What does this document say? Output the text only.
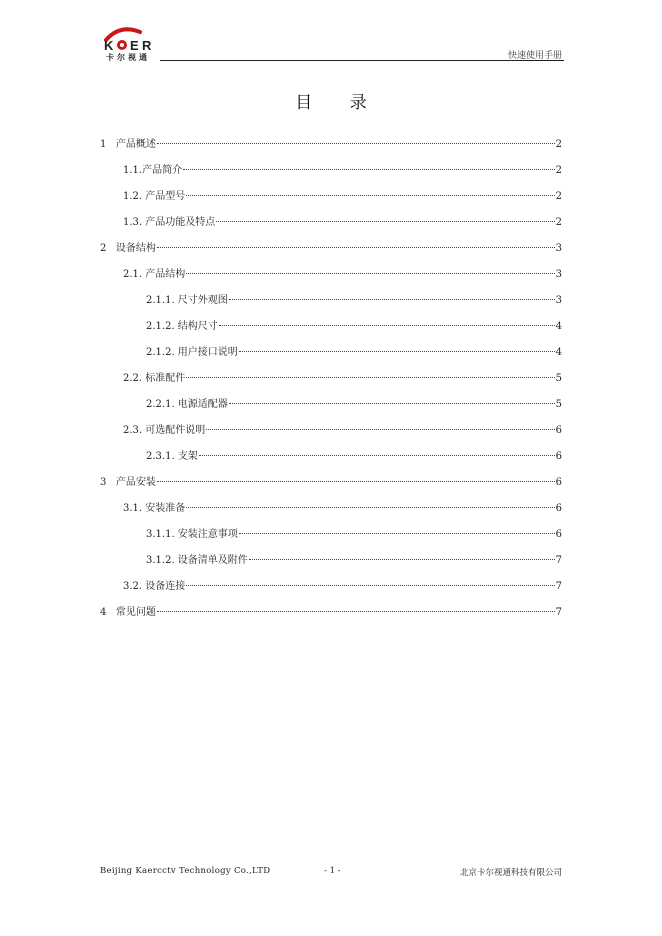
K E R
卡尔视通	快速使用手册
目 录
1   产品概述	2
1.1.产品简介	2
1.2. 产品型号	2
1.3. 产品功能及特点	2
2   设备结构	3
2.1. 产品结构	3
2.1.1. 尺寸外观图	3
2.1.2. 结构尺寸	4
2.1.2. 用户接口说明	4
2.2. 标准配件	5
2.2.1. 电源适配器	5
2.3. 可选配件说明	6
2.3.1. 支架	6
3   产品安装	6
3.1. 安装准备	6
3.1.1. 安装注意事项	6
3.1.2. 设备清单及附件	7
3.2. 设备连接	7
4   常见问题	7
Beijing Kaercctv Technology Co.,LTD	- 1 -	北京卡尔视通科技有限公司
